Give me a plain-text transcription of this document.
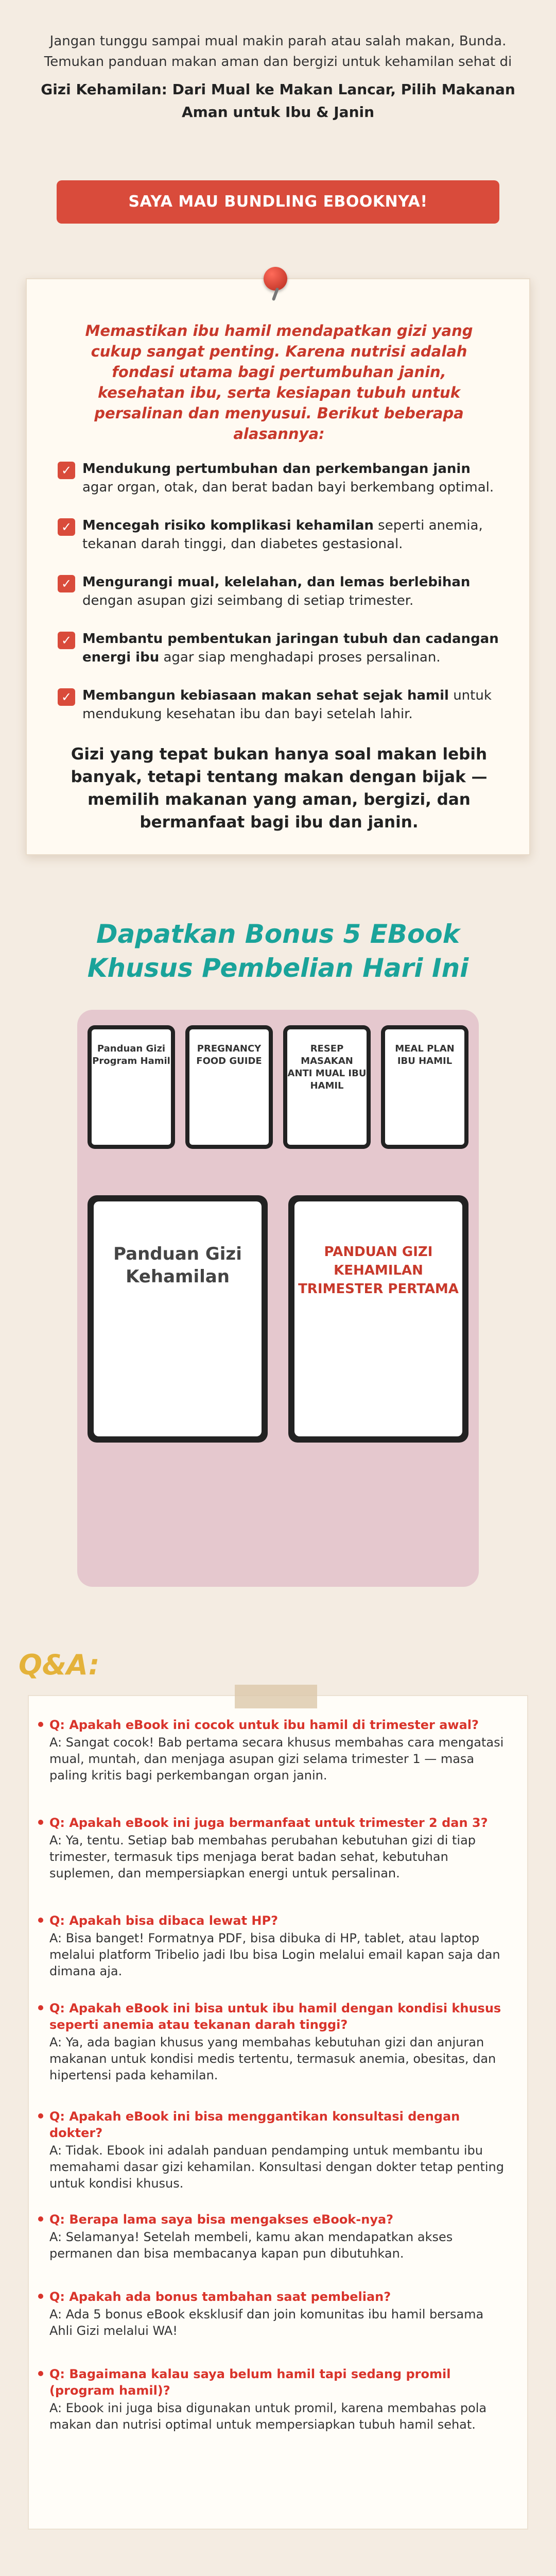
Jangan tunggu sampai mual makin parah atau salah makan, Bunda.
Temukan panduan makan aman dan bergizi untuk kehamilan sehat di
Gizi Kehamilan: Dari Mual ke Makan Lancar, Pilih Makanan Aman untuk Ibu & Janin
SAYA MAU BUNDLING EBOOKNYA!
Memastikan ibu hamil mendapatkan gizi yang cukup sangat penting. Karena nutrisi adalah fondasi utama bagi pertumbuhan janin, kesehatan ibu, serta kesiapan tubuh untuk persalinan dan menyusui. Berikut beberapa alasannya:
✓ Mendukung pertumbuhan dan perkembangan janin agar organ, otak, dan berat badan bayi berkembang optimal.
✓ Mencegah risiko komplikasi kehamilan seperti anemia, tekanan darah tinggi, dan diabetes gestasional.
✓ Mengurangi mual, kelelahan, dan lemas berlebihan dengan asupan gizi seimbang di setiap trimester.
✓ Membantu pembentukan jaringan tubuh dan cadangan energi ibu agar siap menghadapi proses persalinan.
✓ Membangun kebiasaan makan sehat sejak hamil untuk mendukung kesehatan ibu dan bayi setelah lahir.
Gizi yang tepat bukan hanya soal makan lebih banyak, tetapi tentang makan dengan bijak — memilih makanan yang aman, bergizi, dan bermanfaat bagi ibu dan janin.
Dapatkan Bonus 5 EBook
Khusus Pembelian Hari Ini
Panduan Gizi Program Hamil
PREGNANCY FOOD GUIDE
RESEP MASAKAN ANTI MUAL IBU HAMIL
MEAL PLAN IBU HAMIL
Panduan Gizi Kehamilan
PANDUAN GIZI KEHAMILAN TRIMESTER PERTAMA
Q&A:
Q: Apakah eBook ini cocok untuk ibu hamil di trimester awal?
A: Sangat cocok! Bab pertama secara khusus membahas cara mengatasi mual, muntah, dan menjaga asupan gizi selama trimester 1 — masa paling kritis bagi perkembangan organ janin.
Q: Apakah eBook ini juga bermanfaat untuk trimester 2 dan 3?
A: Ya, tentu. Setiap bab membahas perubahan kebutuhan gizi di tiap trimester, termasuk tips menjaga berat badan sehat, kebutuhan suplemen, dan mempersiapkan energi untuk persalinan.
Q: Apakah bisa dibaca lewat HP?
A: Bisa banget! Formatnya PDF, bisa dibuka di HP, tablet, atau laptop melalui platform Tribelio jadi Ibu bisa Login melalui email kapan saja dan dimana aja.
Q: Apakah eBook ini bisa untuk ibu hamil dengan kondisi khusus seperti anemia atau tekanan darah tinggi?
A: Ya, ada bagian khusus yang membahas kebutuhan gizi dan anjuran makanan untuk kondisi medis tertentu, termasuk anemia, obesitas, dan hipertensi pada kehamilan.
Q: Apakah eBook ini bisa menggantikan konsultasi dengan dokter?
A: Tidak. Ebook ini adalah panduan pendamping untuk membantu ibu memahami dasar gizi kehamilan. Konsultasi dengan dokter tetap penting untuk kondisi khusus.
Q: Berapa lama saya bisa mengakses eBook-nya?
A: Selamanya! Setelah membeli, kamu akan mendapatkan akses permanen dan bisa membacanya kapan pun dibutuhkan.
Q: Apakah ada bonus tambahan saat pembelian?
A: Ada 5 bonus eBook eksklusif dan join komunitas ibu hamil bersama Ahli Gizi melalui WA!
Q: Bagaimana kalau saya belum hamil tapi sedang promil (program hamil)?
A: Ebook ini juga bisa digunakan untuk promil, karena membahas pola makan dan nutrisi optimal untuk mempersiapkan tubuh hamil sehat.
